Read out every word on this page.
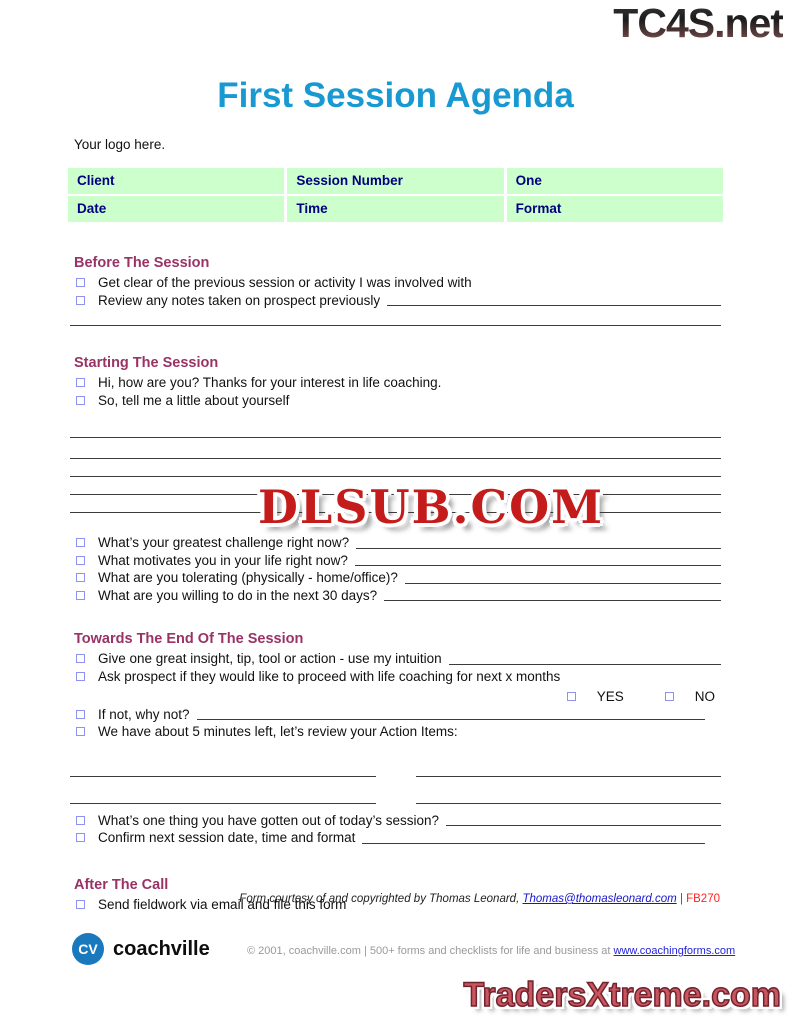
TC4S.net
First Session Agenda
Your logo here.
Client	Session Number	One
Date	Time	Format
Before The Session
Get clear of the previous session or activity I was involved with
Review any notes taken on prospect previously
Starting The Session
Hi, how are you? Thanks for your interest in life coaching.
So, tell me a little about yourself
What’s your greatest challenge right now?
What motivates you in your life right now?
What are you tolerating (physically - home/office)?
What are you willing to do in the next 30 days?
Towards The End Of The Session
Give one great insight, tip, tool or action - use my intuition
Ask prospect if they would like to proceed with life coaching for next x months
YES	NO
If not, why not?
We have about 5 minutes left, let’s review your Action Items:
What’s one thing you have gotten out of today’s session?
Confirm next session date, time and format
After The Call
Send fieldwork via email and file this form
DLSUB.COM
Form courtesy of and copyrighted by Thomas Leonard, Thomas@thomasleonard.com | FB270
CV coachville	© 2001, coachville.com | 500+ forms and checklists for life and business at www.coachingforms.com
TradersXtreme.com
